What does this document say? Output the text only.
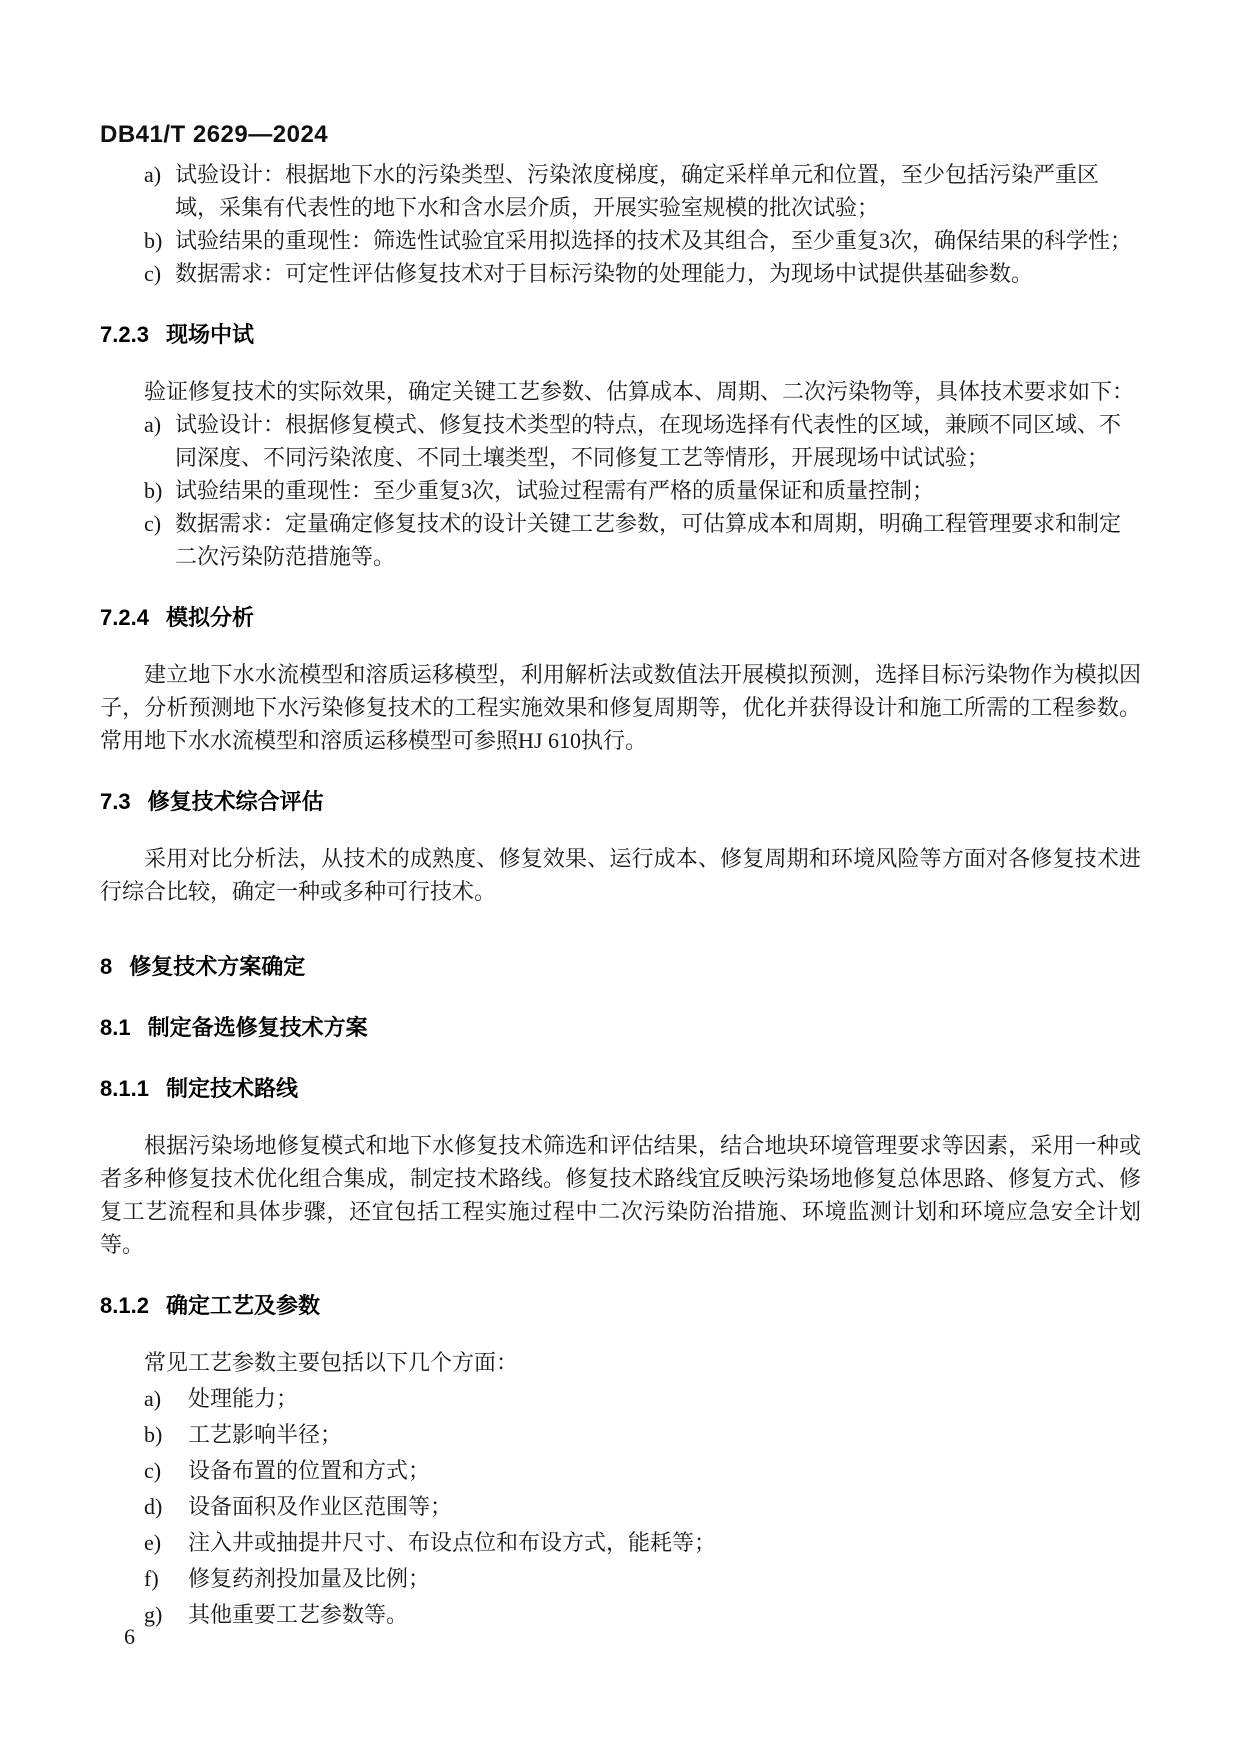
DB41/T 2629—2024
a) 试验设计：根据地下水的污染类型、污染浓度梯度，确定采样单元和位置，至少包括污染严重区域，采集有代表性的地下水和含水层介质，开展实验室规模的批次试验；
b) 试验结果的重现性：筛选性试验宜采用拟选择的技术及其组合，至少重复3次，确保结果的科学性；
c) 数据需求：可定性评估修复技术对于目标污染物的处理能力，为现场中试提供基础参数。
7.2.3 现场中试

验证修复技术的实际效果，确定关键工艺参数、估算成本、周期、二次污染物等，具体技术要求如下：

a) 试验设计：根据修复模式、修复技术类型的特点，在现场选择有代表性的区域，兼顾不同区域、不同深度、不同污染浓度、不同土壤类型，不同修复工艺等情形，开展现场中试试验；
b) 试验结果的重现性：至少重复3次，试验过程需有严格的质量保证和质量控制；
c) 数据需求：定量确定修复技术的设计关键工艺参数，可估算成本和周期，明确工程管理要求和制定二次污染防范措施等。
7.2.4 模拟分析

建立地下水水流模型和溶质运移模型，利用解析法或数值法开展模拟预测，选择目标污染物作为模拟因子，分析预测地下水污染修复技术的工程实施效果和修复周期等，优化并获得设计和施工所需的工程参数。常用地下水水流模型和溶质运移模型可参照HJ 610执行。

7.3 修复技术综合评估

采用对比分析法，从技术的成熟度、修复效果、运行成本、修复周期和环境风险等方面对各修复技术进行综合比较，确定一种或多种可行技术。

8 修复技术方案确定
8.1 制定备选修复技术方案
8.1.1 制定技术路线

根据污染场地修复模式和地下水修复技术筛选和评估结果，结合地块环境管理要求等因素，采用一种或者多种修复技术优化组合集成，制定技术路线。修复技术路线宜反映污染场地修复总体思路、修复方式、修复工艺流程和具体步骤，还宜包括工程实施过程中二次污染防治措施、环境监测计划和环境应急安全计划等。

8.1.2 确定工艺及参数

常见工艺参数主要包括以下几个方面：

a)	处理能力；
b)	工艺影响半径；
c)	设备布置的位置和方式；
d)	设备面积及作业区范围等；
e)	注入井或抽提井尺寸、布设点位和布设方式，能耗等；
f)	修复药剂投加量及比例；
g)	其他重要工艺参数等。
6
